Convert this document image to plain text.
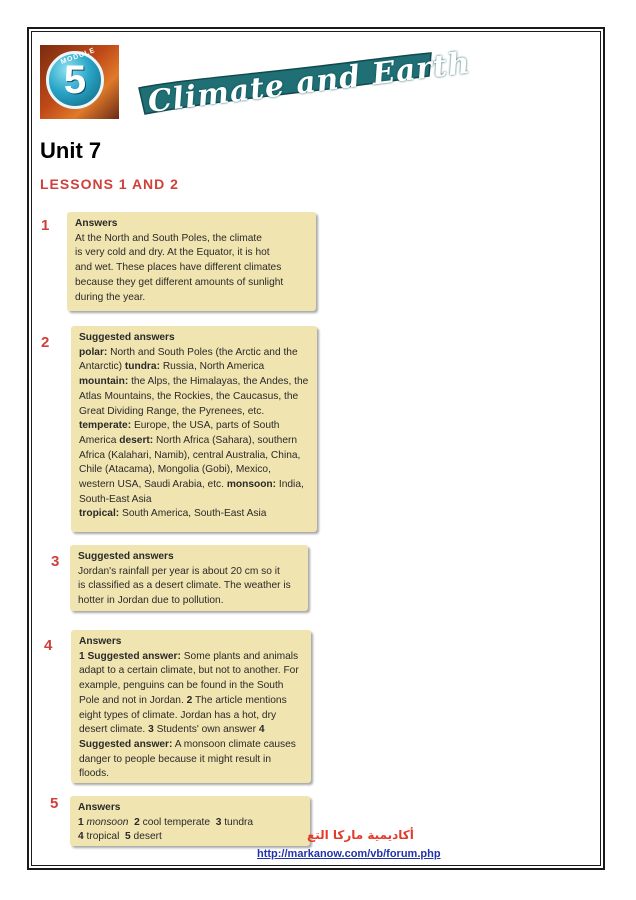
MODULE
5	Climate and Earth
Unit 7
LESSONS 1 AND 2
1	Answers
At the North and South Poles, the climate
is very cold and dry. At the Equator, it is hot
and wet. These places have different climates
because they get different amounts of sunlight
during the year.
2	Suggested answers
polar: North and South Poles (the Arctic and the Antarctic) tundra: Russia, North America mountain: the Alps, the Himalayas, the Andes, the Atlas Mountains, the Rockies, the Caucasus, the Great Dividing Range, the Pyrenees, etc. temperate: Europe, the USA, parts of South America desert: North Africa (Sahara), southern Africa (Kalahari, Namib), central Australia, China, Chile (Atacama), Mongolia (Gobi), Mexico, western USA, Saudi Arabia, etc. monsoon: India, South-East Asia
tropical: South America, South-East Asia
3 Suggested answers
Jordan's rainfall per year is about 20 cm so it
is classified as a desert climate. The weather is
hotter in Jordan due to pollution.
4	Answers
1 Suggested answer: Some plants and animals adapt to a certain climate, but not to another. For example, penguins can be found in the South Pole and not in Jordan. 2 The article mentions eight types of climate. Jordan has a hot, dry desert climate. 3 Students' own answer 4 Suggested answer: A monsoon climate causes danger to people because it might result in floods.
5 Answers
1 monsoon 2 cool temperate 3 tundra
4 tropical 5 desert	أكاديمية ماركا التع
http://markanow.com/vb/forum.php
